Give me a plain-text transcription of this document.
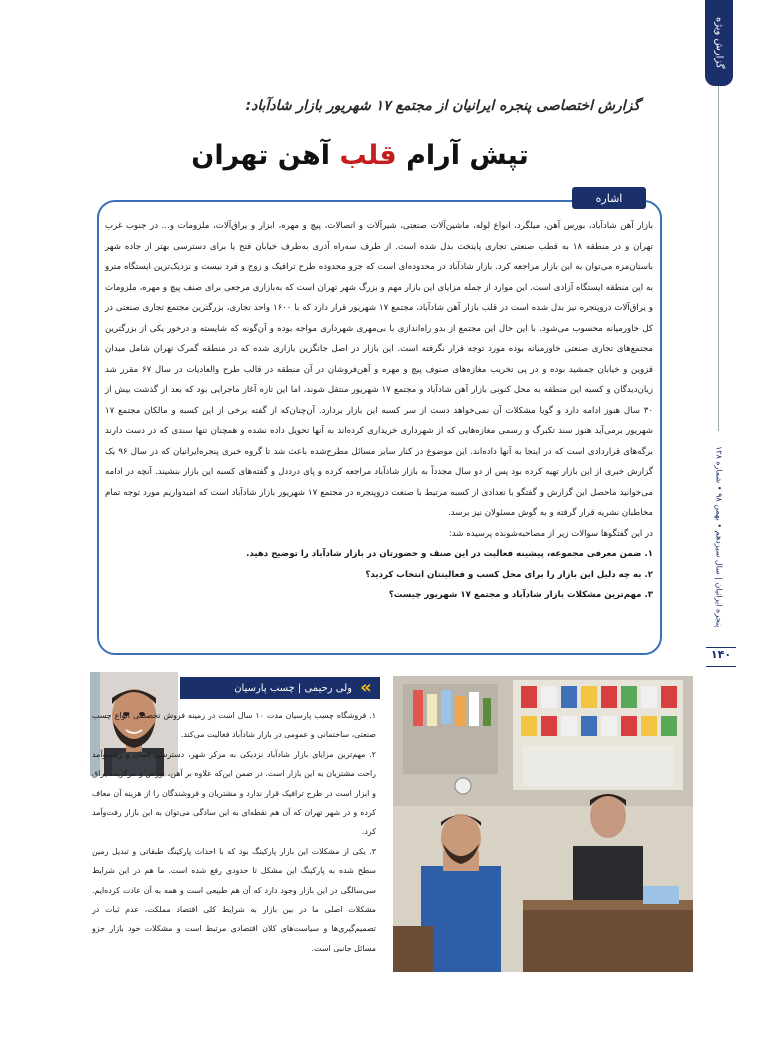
گزارش ویژه
پنجره ایرانیان | سال سیزدهم • بهمن ۹۸ • شماره ۱۲۸
۱۴۰
گزارش اختصاصی پنجره ایرانیان از مجتمع ۱۷ شهریور بازار شادآباد:
تپش آرام قلب آهن تهران
اشاره

بازار آهن شادآباد، بورس آهن، میلگرد، انواع لوله، ماشین‌آلات صنعتی، شیرآلات و اتصالات، پیچ و مهره، ابزار و یراق‌آلات، ملزومات و... در جنوب غرب تهران و در منطقه ۱۸ به قطب صنعتی تجاری پایتخت بدل شده است. از طرف سه‌راه آذری به‌طرف خیابان فتح یا برای دسترسی بهتر از جاده شهر باستان‌مزه می‌توان به این بازار مراجعه کرد. بازار شادآباد در محدوده‌ای است که جزو محدوده طرح ترافیک و زوج و فرد نیست و نزدیک‌ترین ایستگاه مترو به این منطقه ایستگاه آزادی است. این موارد از جمله مزایای این بازار مهم و بزرگ شهر تهران است که به‌بازاری مرجعی برای صنف پیچ و مهره، ملزومات و یراق‌آلات درو‌پنجره نیز بدل شده است در قلب بازار آهن شادآباد، مجتمع ۱۷ شهریور قرار دارد که با ۱۶۰۰ واحد تجاری، بزرگترین مجتمع تجاری صنعتی در کل خاورمیانه محسوب می‌شود. با این حال این مجتمع از بدو راه‌اندازی با بی‌مهری شهرداری مواجه بوده و آن‌گونه که شایسته و درخور یکی از بزرگترین مجتمع‌های تجاری صنعتی خاورمیانه بوده مورد توجه قرار نگرفته است. این بازار در اصل جانگزین بازاری شده که در منطقه گمرک تهران شامل میدان قزوین و خیابان جمشید بوده و در پی تخریب مغازه‌های صنوف پیچ و مهره و آهن‌فروشان در آن منطقه در قالب طرح والعادیات در سال ۶۷ مقرر شد زیان‌دیدگان و کسبه این منطقه به محل کنونی بازار آهن شادآباد و مجتمع ۱۷ شهریور منتقل شوند، اما این تازه آغاز ماجرایی بود که بعد از گذشت بیش از ۳۰ سال هنوز ادامه دارد و گویا مشکلات آن نمی‌خواهد دست از سر کسبه این بازار بردارد. آن‌چنان‌که از گفته برخی از این کسبه و مالکان مجتمع ۱۷ شهریور برمی‌آید هنوز سند تکبرگ و رسمی مغازه‌هایی که از شهرداری خریداری کرده‌اند به آنها تحویل داده نشده و همچنان تنها سندی که در دست دارند برگه‌های قراردادی است که در اینجا به آنها داده‌اند. این موضوع در کنار سایر مسائل مطرح‌شده باعث شد تا گروه خبری پنجره‌ایرانیان که در سال ۹۶ یک گزارش خبری از این بازار تهیه کرده بود پس از دو سال مجدداً به بازار شادآباد مراجعه کرده و پای درددل و گفته‌های کسبه این بازار بنشیند. آنچه در ادامه می‌خوانید ماحصل این گزارش و گفتگو با تعدادی از کسبه مرتبط با صنعت درو‌پنجره در مجتمع ۱۷ شهریور بازار شادآباد است که امیدواریم مورد توجه تمام مخاطبان نشریه قرار گرفته و به گوش مسئولان نیز برسد.

در این گفتگوها سوالات زیر از مصاحبه‌شونده پرسیده شد:

۱. ضمن معرفی مجموعه، پیشینه فعالیت در این صنف و حضورتان در بازار شادآباد را توضیح دهید.
۲. به چه دلیل این بازار را برای محل کسب و فعالیتتان انتخاب کردید؟
۳. مهم‌ترین مشکلات بازار شادآباد و مجتمع ۱۷ شهریور چیست؟
ولی رحیمی | چسب پارسیان «

۱. فروشگاه چسب پارسیان مدت ۱۰ سال است در زمینه فروش تخصصی انواع چسب صنعتی، ساختمانی و عمومی در بازار شادآباد فعالیت می‌کند.

۲. مهم‌ترین مزایای بازار شادآباد نزدیکی به مرکز شهر، دسترسی آسان و رفت‌وآمد راحت مشتریان به این بازار است. در ضمن این‌که علاوه بر آهن، بورس و مرکزیت یراق و ابزار است در طرح ترافیک قرار ندارد و مشتریان و فروشندگان را از هزینه آن معاف کرده و در شهر تهران که آن هم نقطه‌ای به این سادگی می‌توان به این بازار رفت‌وآمد کرد.

۳. یکی از مشکلات این بازار پارکینگ بود که با احداث پارکینگ طبقاتی و تبدیل زمین سطح شده به پارکینگ این مشکل تا حدودی رفع شده است. ما هم در این شرایط سی‌سالگی در این بازار وجود دارد که آن هم طبیعی است و همه به آن عادت کرده‌ایم. مشکلات اصلی ما در بین بازار به شرایط کلی اقتصاد مملکت، عدم ثبات در تصمیم‌گیری‌ها و سیاست‌های کلان اقتصادی مرتبط است و مشکلات خود بازار جزو مسائل جانبی است.
